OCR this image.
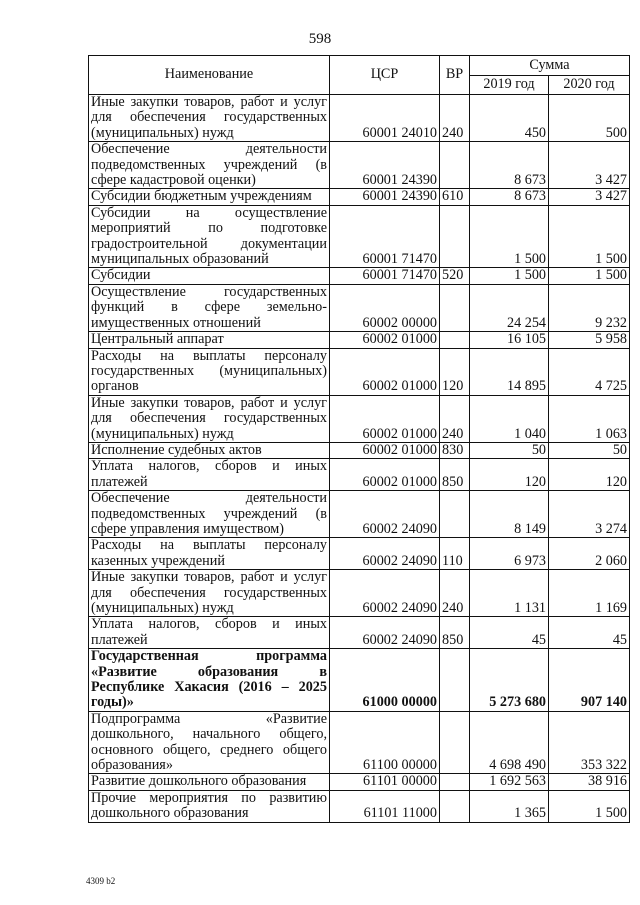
598
Наименование	ЦСР	ВР	Сумма	
			2019 год	2020 год
Иные закупки товаров, работ и услуг для обеспечения государственных (муниципальных) нужд	60001 24010	240	450	500
Обеспечение деятельности подведомственных учреждений (в сфере кадастровой оценки)	60001 24390		8 673	3 427
Субсидии бюджетным учреждениям	60001 24390	610	8 673	3 427
Субсидии на осуществление мероприятий по подготовке градостроительной документации муниципальных образований	60001 71470		1 500	1 500
Субсидии	60001 71470	520	1 500	1 500
Осуществление государственных функций в сфере земельно-имущественных отношений	60002 00000		24 254	9 232
Центральный аппарат	60002 01000		16 105	5 958
Расходы на выплаты персоналу государственных (муниципальных) органов	60002 01000	120	14 895	4 725
Иные закупки товаров, работ и услуг для обеспечения государственных (муниципальных) нужд	60002 01000	240	1 040	1 063
Исполнение судебных актов	60002 01000	830	50	50
Уплата налогов, сборов и иных платежей	60002 01000	850	120	120
Обеспечение деятельности подведомственных учреждений (в сфере управления имуществом)	60002 24090		8 149	3 274
Расходы на выплаты персоналу казенных учреждений	60002 24090	110	6 973	2 060
Иные закупки товаров, работ и услуг для обеспечения государственных (муниципальных) нужд	60002 24090	240	1 131	1 169
Уплата налогов, сборов и иных платежей	60002 24090	850	45	45
Государственная программа «Развитие образования в Республике Хакасия (2016 – 2025 годы)»	61000 00000		5 273 680	907 140
Подпрограмма «Развитие дошкольного, начального общего, основного общего, среднего общего образования»	61100 00000		4 698 490	353 322
Развитие дошкольного образования	61101 00000		1 692 563	38 916
Прочие мероприятия по развитию дошкольного образования	61101 11000		1 365	1 500
4309 b2
